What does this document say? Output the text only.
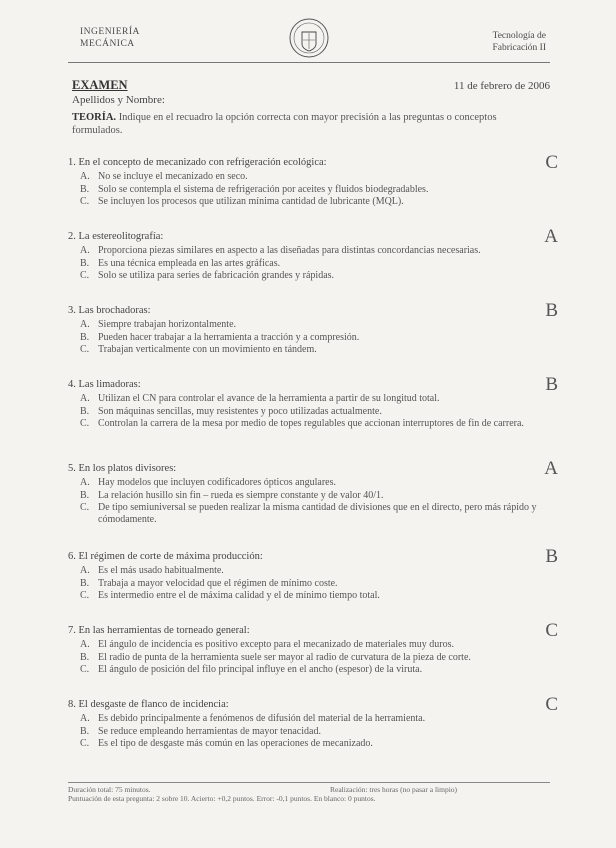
INGENIERÍA
MECÁNICA
Tecnología de
Fabricación II
EXAMEN	11 de febrero de 2006
Apellidos y Nombre:
TEORÍA. Indique en el recuadro la opción correcta con mayor precisión a las preguntas o conceptos formulados.
1. En el concepto de mecanizado con refrigeración ecológica:	C
A. No se incluye el mecanizado en seco.
B. Solo se contempla el sistema de refrigeración por aceites y fluidos biodegradables.
C. Se incluyen los procesos que utilizan mínima cantidad de lubricante (MQL).
2. La estereolitografía:	A
A. Proporciona piezas similares en aspecto a las diseñadas para distintas concordancias necesarias.
B. Es una técnica empleada en las artes gráficas.
C. Solo se utiliza para series de fabricación grandes y rápidas.
3. Las brochadoras:	B
A. Siempre trabajan horizontalmente.
B. Pueden hacer trabajar a la herramienta a tracción y a compresión.
C. Trabajan verticalmente con un movimiento en tándem.
4. Las limadoras:	B
A. Utilizan el CN para controlar el avance de la herramienta a partir de su longitud total.
B. Son máquinas sencillas, muy resistentes y poco utilizadas actualmente.
C. Controlan la carrera de la mesa por medio de topes regulables que accionan interruptores de fin de carrera.
5. En los platos divisores:	A
A. Hay modelos que incluyen codificadores ópticos angulares.
B. La relación husillo sin fin – rueda es siempre constante y de valor 40/1.
C. De tipo semiuniversal se pueden realizar la misma cantidad de divisiones que en el directo, pero más rápido y cómodamente.
6. El régimen de corte de máxima producción:	B
A. Es el más usado habitualmente.
B. Trabaja a mayor velocidad que el régimen de mínimo coste.
C. Es intermedio entre el de máxima calidad y el de mínimo tiempo total.
7. En las herramientas de torneado general:	C
A. El ángulo de incidencia es positivo excepto para el mecanizado de materiales muy duros.
B. El radio de punta de la herramienta suele ser mayor al radio de curvatura de la pieza de corte.
C. El ángulo de posición del filo principal influye en el ancho (espesor) de la viruta.
8. El desgaste de flanco de incidencia:	C
A. Es debido principalmente a fenómenos de difusión del material de la herramienta.
B. Se reduce empleando herramientas de mayor tenacidad.
C. Es el tipo de desgaste más común en las operaciones de mecanizado.
Duración total: 75 minutos.	Realización: tres horas (no pasar a limpio)
Puntuación de esta pregunta: 2 sobre 10. Acierto: +0,2 puntos. Error: -0,1 puntos. En blanco: 0 puntos.
